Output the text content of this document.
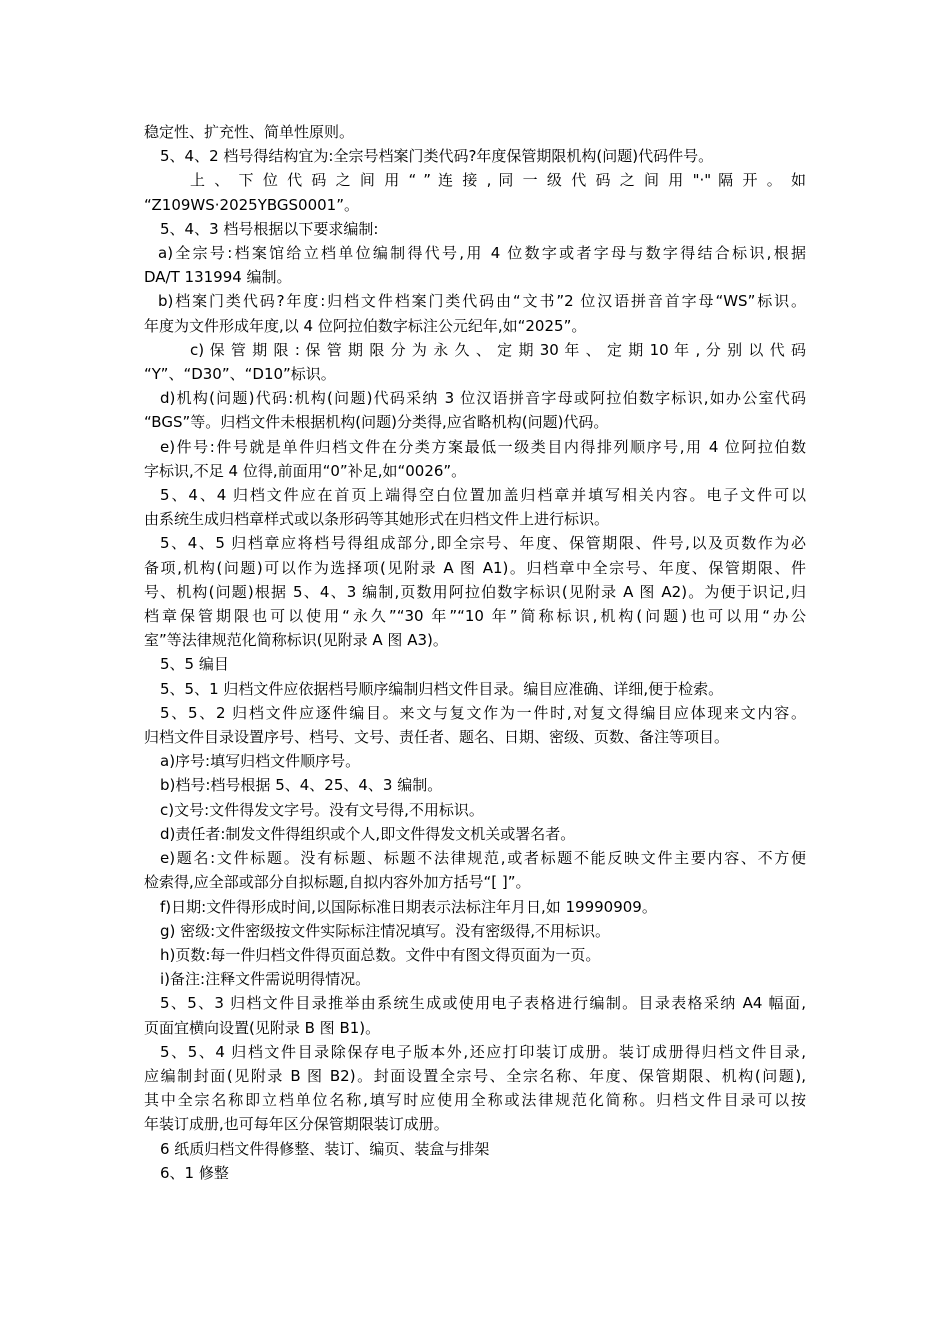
稳定性、扩充性、简单性原则。

5、4、2 档号得结构宜为:全宗号档案门类代码?年度保管期限机构(问题)代码件号。

上 、 下 位 代 码 之 间 用 “ ” 连 接 , 同 一 级 代 码 之 间 用 "·" 隔 开 。 如

“Z109WS·2025YBGS0001”。

5、4、3 档号根据以下要求编制:

a)全宗号:档案馆给立档单位编制得代号,用 4 位数字或者字母与数字得结合标识,根据

DA/T 131994 编制。

b)档案门类代码?年度:归档文件档案门类代码由“文书”2 位汉语拼音首字母“WS”标识。

年度为文件形成年度,以 4 位阿拉伯数字标注公元纪年,如“2025”。

c) 保 管 期 限 : 保 管 期 限 分 为 永 久 、 定 期 30 年 、 定 期 10 年 , 分 别 以 代 码

“Y”、“D30”、“D10”标识。

d)机构(问题)代码:机构(问题)代码采纳 3 位汉语拼音字母或阿拉伯数字标识,如办公室代码

“BGS”等。归档文件未根据机构(问题)分类得,应省略机构(问题)代码。

e)件号:件号就是单件归档文件在分类方案最低一级类目内得排列顺序号,用 4 位阿拉伯数

字标识,不足 4 位得,前面用“0”补足,如“0026”。

5、4、4 归档文件应在首页上端得空白位置加盖归档章并填写相关内容。电子文件可以

由系统生成归档章样式或以条形码等其她形式在归档文件上进行标识。

5、4、5 归档章应将档号得组成部分,即全宗号、年度、保管期限、件号,以及页数作为必

备项,机构(问题)可以作为选择项(见附录 A 图 A1)。归档章中全宗号、年度、保管期限、件

号、机构(问题)根据 5、4、3 编制,页数用阿拉伯数字标识(见附录 A 图 A2)。为便于识记,归

档章保管期限也可以使用“永久”“30 年”“10 年”简称标识,机构(问题)也可以用“办公

室”等法律规范化简称标识(见附录 A 图 A3)。

5、5 编目

5、5、1 归档文件应依据档号顺序编制归档文件目录。编目应准确、详细,便于检索。

5、5、2 归档文件应逐件编目。来文与复文作为一件时,对复文得编目应体现来文内容。

归档文件目录设置序号、档号、文号、责任者、题名、日期、密级、页数、备注等项目。

a)序号:填写归档文件顺序号。

b)档号:档号根据 5、4、25、4、3 编制。

c)文号:文件得发文字号。没有文号得,不用标识。

d)责任者:制发文件得组织或个人,即文件得发文机关或署名者。

e)题名:文件标题。没有标题、标题不法律规范,或者标题不能反映文件主要内容、不方便

检索得,应全部或部分自拟标题,自拟内容外加方括号“[ ]”。

f)日期:文件得形成时间,以国际标准日期表示法标注年月日,如 19990909。

g) 密级:文件密级按文件实际标注情况填写。没有密级得,不用标识。

h)页数:每一件归档文件得页面总数。文件中有图文得页面为一页。

i)备注:注释文件需说明得情况。

5、5、3 归档文件目录推举由系统生成或使用电子表格进行编制。目录表格采纳 A4 幅面,

页面宜横向设置(见附录 B 图 B1)。

5、5、4 归档文件目录除保存电子版本外,还应打印装订成册。装订成册得归档文件目录,

应编制封面(见附录 B 图 B2)。封面设置全宗号、全宗名称、年度、保管期限、机构(问题),

其中全宗名称即立档单位名称,填写时应使用全称或法律规范化简称。归档文件目录可以按

年装订成册,也可每年区分保管期限装订成册。

6 纸质归档文件得修整、装订、编页、装盒与排架

6、1 修整
